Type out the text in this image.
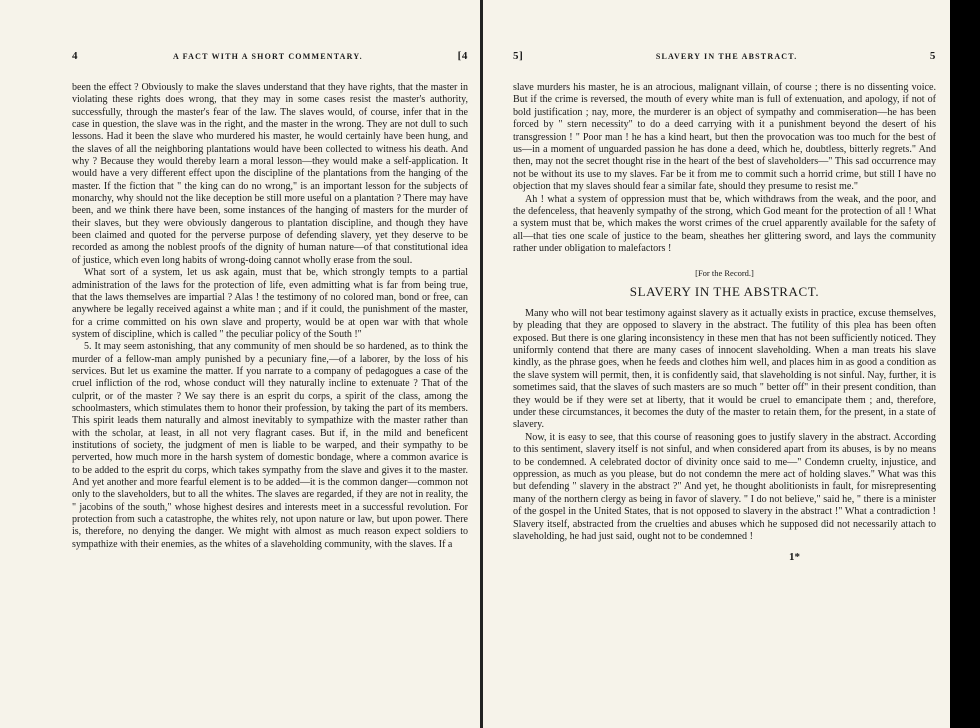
4	A FACT WITH A SHORT COMMENTARY.	[4

been the effect ? Obviously to make the slaves understand that they have rights, that the master in violating these rights does wrong, that they may in some cases resist the master's authority, successfully, through the master's fear of the law. The slaves would, of course, infer that in the case in question, the slave was in the right, and the master in the wrong. They are not dull to such lessons. Had it been the slave who murdered his master, he would certainly have been hung, and the slaves of all the neighboring plantations would have been collected to witness his death. And why ? Because they would thereby learn a moral lesson—they would make a self-application. It would have a very different effect upon the discipline of the plantations from the hanging of the master. If the fiction that " the king can do no wrong," is an important lesson for the subjects of monarchy, why should not the like deception be still more useful on a plantation ? There may have been, and we think there have been, some instances of the hanging of masters for the murder of their slaves, but they were obviously dangerous to plantation discipline, and though they have been claimed and quoted for the perverse purpose of defending slavery, yet they deserve to be recorded as among the noblest proofs of the dignity of human nature—of that constitutional idea of justice, which even long habits of wrong-doing cannot wholly erase from the soul.

What sort of a system, let us ask again, must that be, which strongly tempts to a partial administration of the laws for the protection of life, even admitting what is far from being true, that the laws themselves are impartial ? Alas ! the testimony of no colored man, bond or free, can anywhere be legally received against a white man ; and if it could, the punishment of the master, for a crime committed on his own slave and property, would be at open war with that whole system of discipline, which is called " the peculiar policy of the South !"

5. It may seem astonishing, that any community of men should be so hardened, as to think the murder of a fellow-man amply punished by a pecuniary fine,—of a laborer, by the loss of his services. But let us examine the matter. If you narrate to a company of pedagogues a case of the cruel infliction of the rod, whose conduct will they naturally incline to extenuate ? That of the culprit, or of the master ? We say there is an esprit du corps, a spirit of the class, among the schoolmasters, which stimulates them to honor their profession, by taking the part of its members. This spirit leads them naturally and almost inevitably to sympathize with the master rather than with the scholar, at least, in all not very flagrant cases. But if, in the mild and beneficent institutions of society, the judgment of men is liable to be warped, and their sympathy to be perverted, how much more in the harsh system of domestic bondage, where a common avarice is to be added to the esprit du corps, which takes sympathy from the slave and gives it to the master. And yet another and more fearful element is to be added—it is the common danger—common not only to the slaveholders, but to all the whites. The slaves are regarded, if they are not in reality, the " jacobins of the south," whose highest desires and interests meet in a successful revolution. For protection from such a catastrophe, the whites rely, not upon nature or law, but upon power. There is, therefore, no denying the danger. We might with almost as much reason expect soldiers to sympathize with their enemies, as the whites of a slaveholding community, with the slaves. If a

5]	SLAVERY IN THE ABSTRACT.	5

slave murders his master, he is an atrocious, malignant villain, of course ; there is no dissenting voice. But if the crime is reversed, the mouth of every white man is full of extenuation, and apology, if not of bold justification ; nay, more, the murderer is an object of sympathy and commiseration—he has been forced by " stern necessity" to do a deed carrying with it a punishment beyond the desert of his transgression ! " Poor man ! he has a kind heart, but then the provocation was too much for the best of us—in a moment of unguarded passion he has done a deed, which he, doubtless, bitterly regrets." And then, may not the secret thought rise in the heart of the best of slaveholders—" This sad occurrence may not be without its use to my slaves. Far be it from me to commit such a horrid crime, but still I have no objection that my slaves should fear a similar fate, should they presume to resist me."

Ah ! what a system of oppression must that be, which withdraws from the weak, and the poor, and the defenceless, that heavenly sympathy of the strong, which God meant for the protection of all ! What a system must that be, which makes the worst crimes of the cruel apparently available for the safety of all—that ties one scale of justice to the beam, sheathes her glittering sword, and lays the community rather under obligation to malefactors !

[For the Record.]
SLAVERY IN THE ABSTRACT.

Many who will not bear testimony against slavery as it actually exists in practice, excuse themselves, by pleading that they are opposed to slavery in the abstract. The futility of this plea has been often exposed. But there is one glaring inconsistency in these men that has not been sufficiently noticed. They uniformly contend that there are many cases of innocent slaveholding. When a man treats his slave kindly, as the phrase goes, when he feeds and clothes him well, and places him in as good a condition as the slave system will permit, then, it is confidently said, that slaveholding is not sinful. Nay, further, it is sometimes said, that the slaves of such masters are so much " better off" in their present condition, than they would be if they were set at liberty, that it would be cruel to emancipate them ; and, therefore, under these circumstances, it becomes the duty of the master to retain them, for the present, in a state of slavery.

Now, it is easy to see, that this course of reasoning goes to justify slavery in the abstract. According to this sentiment, slavery itself is not sinful, and when considered apart from its abuses, is by no means to be condemned. A celebrated doctor of divinity once said to me—" Condemn cruelty, injustice, and oppression, as much as you please, but do not condemn the mere act of holding slaves." What was this but defending " slavery in the abstract ?" And yet, he thought abolitionists in fault, for misrepresenting many of the northern clergy as being in favor of slavery. " I do not believe," said he, " there is a minister of the gospel in the United States, that is not opposed to slavery in the abstract !" What a contradiction ! Slavery itself, abstracted from the cruelties and abuses which he supposed did not necessarily attach to slaveholding, he had just said, ought not to be condemned !

1*
